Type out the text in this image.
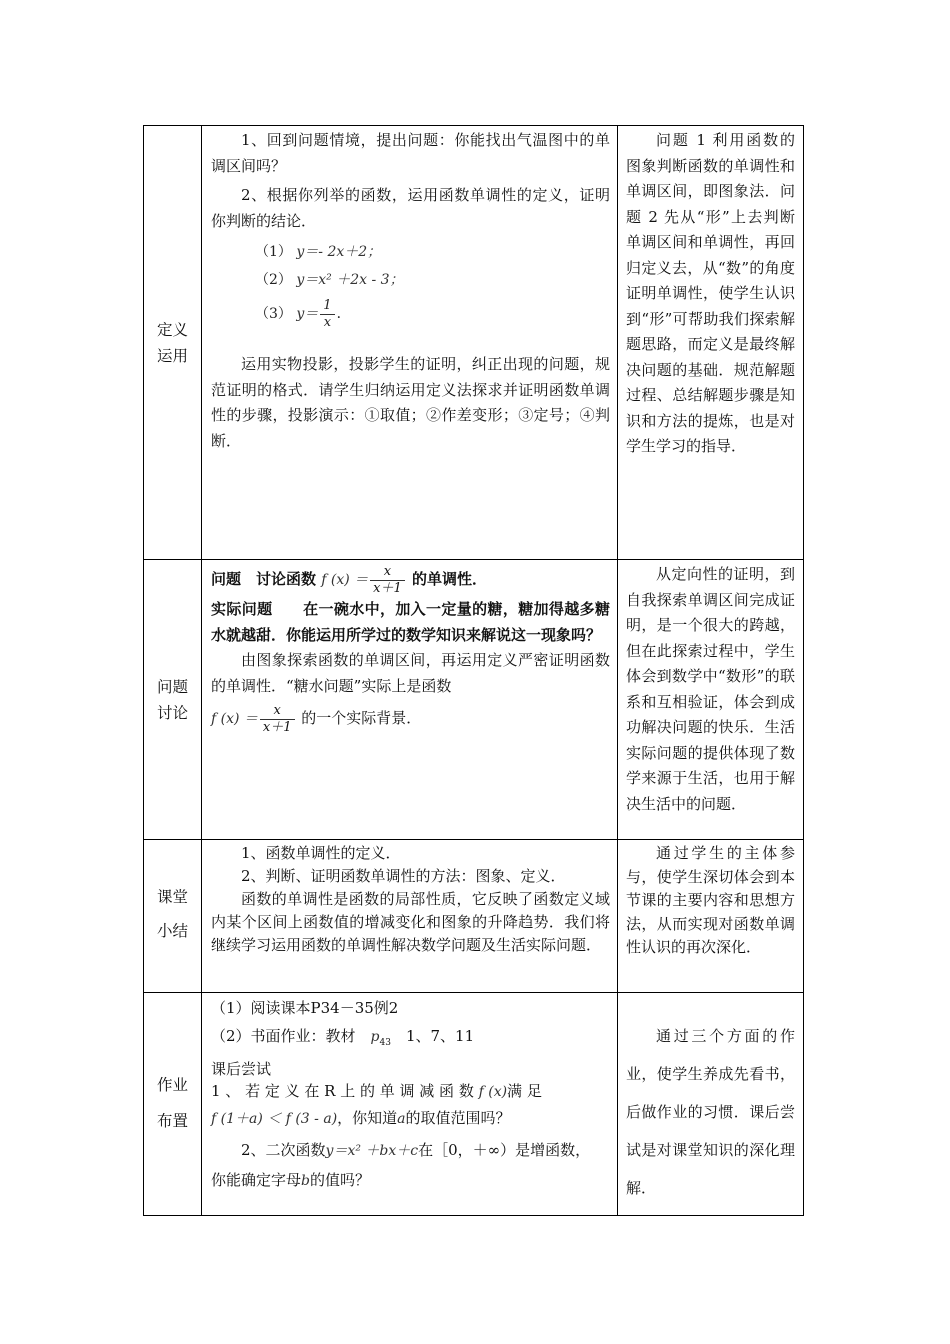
定义
运用

1、回到问题情境，提出问题：你能找出气温图中的单调区间吗？

2、根据你列举的函数，运用函数单调性的定义，证明你判断的结论．

（1） y＝- 2x＋2；

（2） y＝x² ＋2x - 3；

（3） $y= \frac{1}{x}$ ．

运用实物投影，投影学生的证明，纠正出现的问题，规范证明的格式．请学生归纳运用定义法探求并证明函数单调性的步骤，投影演示：①取值；②作差变形；③定号；④判断．

问题 1 利用函数的图象判断函数的单调性和单调区间，即图象法．问题 2 先从“形”上去判断单调区间和单调性，再回归定义去，从“数”的角度证明单调性，使学生认识到“形”可帮助我们探索解题思路，而定义是最终解决问题的基础．规范解题过程、总结解题步骤是知识和方法的提炼，也是对学生学习的指导．

问题
讨论

问题　讨论函数 f $(x) = \frac{x}{x+1}$ 的单调性．

实际问题　　在一碗水中，加入一定量的糖，糖加得越多糖水就越甜．你能运用所学过的数学知识来解说这一现象吗？

由图象探索函数的单调区间，再运用定义严密证明函数的单调性．“糖水问题”实际上是函数

f $(x) = \frac{x}{x+1}$ 的一个实际背景．

从定向性的证明，到自我探索单调区间完成证明，是一个很大的跨越，但在此探索过程中，学生体会到数学中“数形”的联系和互相验证，体会到成功解决问题的快乐．生活实际问题的提供体现了数学来源于生活，也用于解决生活中的问题．

课堂
小结

1、函数单调性的定义．

2、判断、证明函数单调性的方法：图象、定义．

函数的单调性是函数的局部性质，它反映了函数定义域内某个区间上函数值的增减变化和图象的升降趋势．我们将继续学习运用函数的单调性解决数学问题及生活实际问题．

通过学生的主体参与，使学生深切体会到本节课的主要内容和思想方法，从而实现对函数单调性认识的再次深化．

作业
布置

（1）阅读课本P34－35例2

（2）书面作业：教材　$p_{43}$　1、7、11

课后尝试

1 、 若 定 义 在 R 上 的 单 调 减 函 数 f (x)满 足

f (1＋a) ＜ f (3 - a)，你知道a的取值范围吗？

2、二次函数y＝x² ＋bx＋c在［0，＋∞）是增函数，

你能确定字母b的值吗？

通过三个方面的作业，使学生养成先看书，后做作业的习惯．课后尝试是对课堂知识的深化理解．
